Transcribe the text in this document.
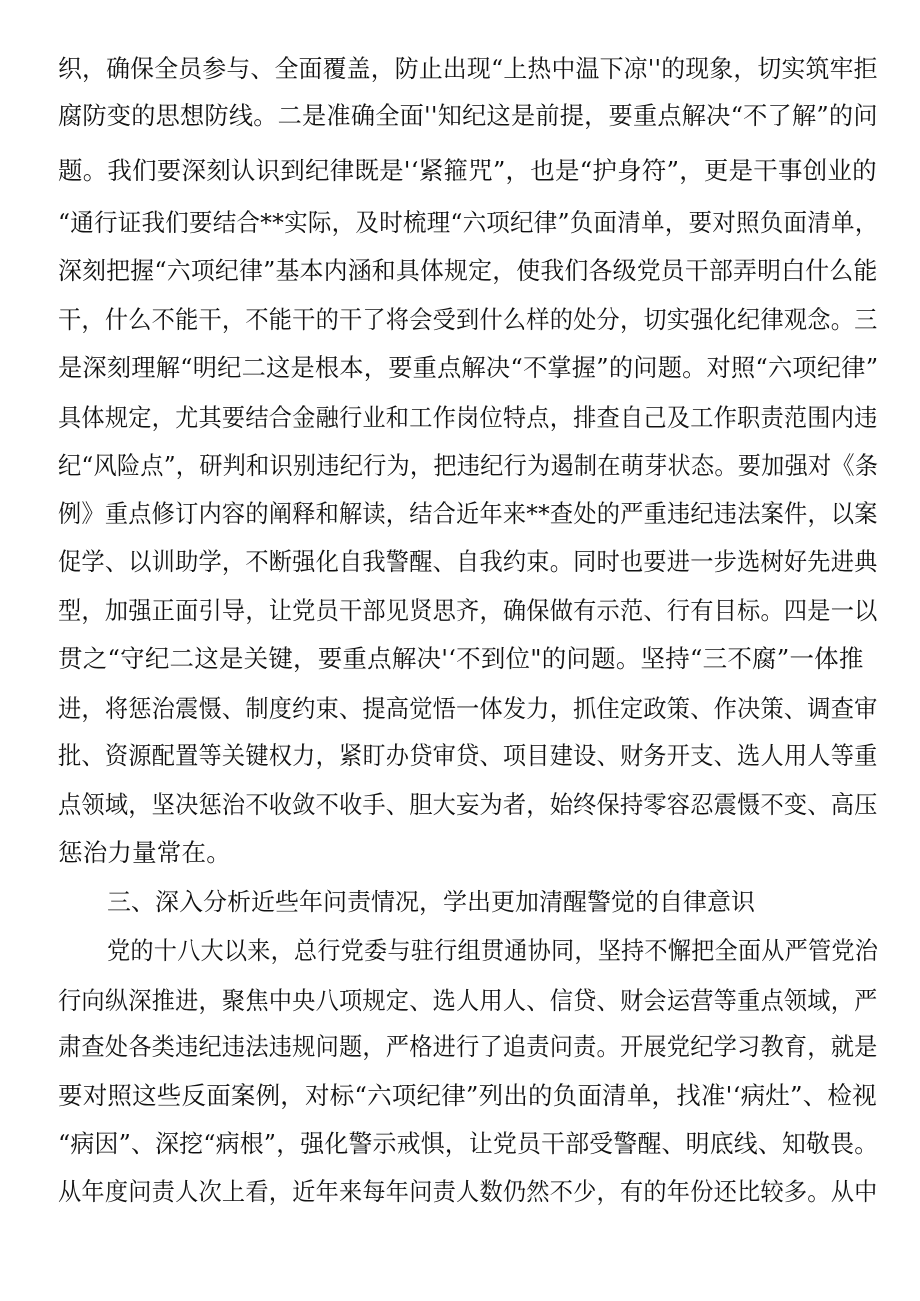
织，确保全员参与、全面覆盖，防止出现“上热中温下凉''的现象，切实筑牢拒
腐防变的思想防线。二是准确全面''知纪这是前提，要重点解决“不了解”的问
题。我们要深刻认识到纪律既是'‘紧箍咒”，也是“护身符”，更是干事创业的
“通行证我们要结合**实际，及时梳理“六项纪律”负面清单，要对照负面清单，
深刻把握“六项纪律”基本内涵和具体规定，使我们各级党员干部弄明白什么能
干，什么不能干，不能干的干了将会受到什么样的处分，切实强化纪律观念。三
是深刻理解“明纪二这是根本，要重点解决“不掌握”的问题。对照“六项纪律”
具体规定，尤其要结合金融行业和工作岗位特点，排查自己及工作职责范围内违
纪“风险点”，研判和识别违纪行为，把违纪行为遏制在萌芽状态。要加强对《条
例》重点修订内容的阐释和解读，结合近年来**查处的严重违纪违法案件，以案
促学、以训助学，不断强化自我警醒、自我约束。同时也要进一步选树好先进典
型，加强正面引导，让党员干部见贤思齐，确保做有示范、行有目标。四是一以
贯之“守纪二这是关键，要重点解决'‘不到位"的问题。坚持“三不腐”一体推
进，将惩治震慑、制度约束、提高觉悟一体发力，抓住定政策、作决策、调查审
批、资源配置等关键权力，紧盯办贷审贷、项目建设、财务开支、选人用人等重
点领域，坚决惩治不收敛不收手、胆大妄为者，始终保持零容忍震慑不变、高压
惩治力量常在。
三、深入分析近些年问责情况，学出更加清醒警觉的自律意识
党的十八大以来，总行党委与驻行组贯通协同，坚持不懈把全面从严管党治
行向纵深推进，聚焦中央八项规定、选人用人、信贷、财会运营等重点领域，严
肃查处各类违纪违法违规问题，严格进行了追责问责。开展党纪学习教育，就是
要对照这些反面案例，对标“六项纪律”列出的负面清单，找准'‘病灶”、检视
“病因”、深挖“病根”，强化警示戒惧，让党员干部受警醒、明底线、知敬畏。
从年度问责人次上看，近年来每年问责人数仍然不少，有的年份还比较多。从中
